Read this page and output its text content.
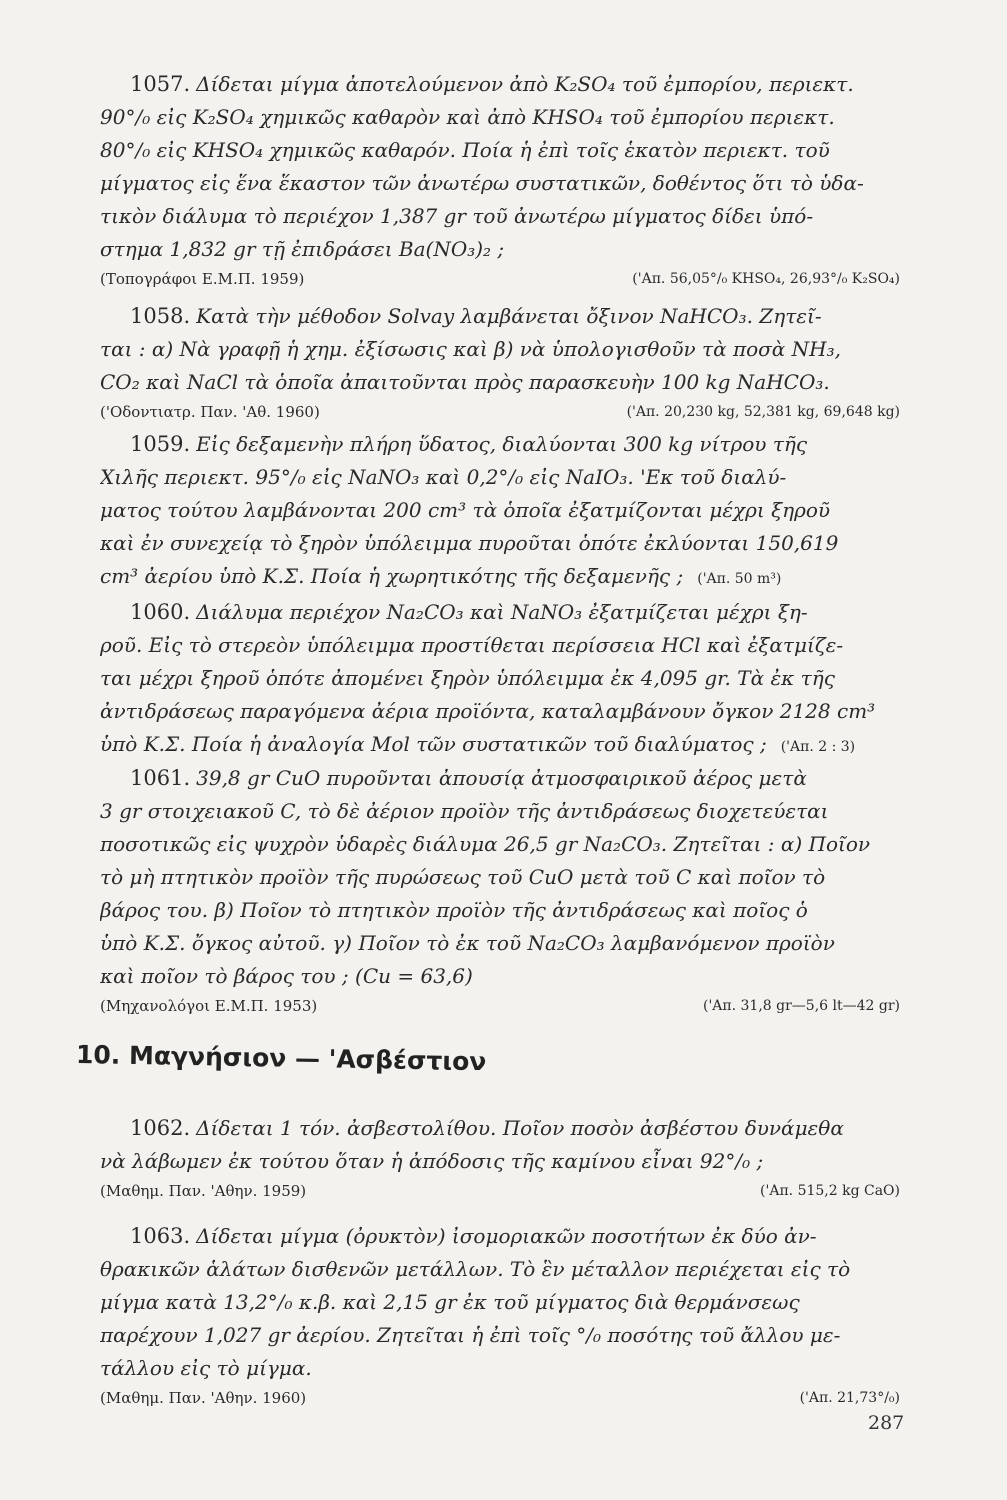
1057. Δίδεται μίγμα ἀποτελούμενον ἀπὸ K₂SO₄ τοῦ ἐμπορίου, περιεκτ.
90°/₀ εἰς K₂SO₄ χημικῶς καθαρὸν καὶ ἀπὸ KHSO₄ τοῦ ἐμπορίου περιεκτ.
80°/₀ εἰς KHSO₄ χημικῶς καθαρόν. Ποία ἡ ἐπὶ τοῖς ἑκατὸν περιεκτ. τοῦ
μίγματος εἰς ἕνα ἕκαστον τῶν ἀνωτέρω συστατικῶν, δοθέντος ὅτι τὸ ὑδα-
τικὸν διάλυμα τὸ περιέχον 1,387 gr τοῦ ἀνωτέρω μίγματος δίδει ὑπό-
στημα 1,832 gr τῇ ἐπιδράσει Ba(NO₃)₂ ;
(Τοπογράφοι Ε.Μ.Π. 1959)	('Απ. 56,05°/₀ KHSO₄, 26,93°/₀ K₂SO₄)
1058. Κατὰ τὴν μέθοδον Solvay λαμβάνεται ὄξινον NaHCO₃. Ζητεῖ-
ται : α) Νὰ γραφῇ ἡ χημ. ἐξίσωσις καὶ β) νὰ ὑπολογισθοῦν τὰ ποσὰ NH₃,
CO₂ καὶ NaCl τὰ ὁποῖα ἀπαιτοῦνται πρὸς παρασκευὴν 100 kg NaHCO₃.
('Οδοντιατρ. Παν. 'Αθ. 1960)	('Απ. 20,230 kg, 52,381 kg, 69,648 kg)
1059. Εἰς δεξαμενὴν πλήρη ὕδατος, διαλύονται 300 kg νίτρου τῆς
Χιλῆς περιεκτ. 95°/₀ εἰς NaNO₃ καὶ 0,2°/₀ εἰς NaIO₃. 'Εκ τοῦ διαλύ-
ματος τούτου λαμβάνονται 200 cm³ τὰ ὁποῖα ἐξατμίζονται μέχρι ξηροῦ
καὶ ἐν συνεχείᾳ τὸ ξηρὸν ὑπόλειμμα πυροῦται ὁπότε ἐκλύονται 150,619
cm³ ἀερίου ὑπὸ Κ.Σ. Ποία ἡ χωρητικότης τῆς δεξαμενῆς ; ('Απ. 50 m³)
1060. Διάλυμα περιέχον Na₂CO₃ καὶ NaNO₃ ἐξατμίζεται μέχρι ξη-
ροῦ. Εἰς τὸ στερεὸν ὑπόλειμμα προστίθεται περίσσεια HCl καὶ ἐξατμίζε-
ται μέχρι ξηροῦ ὁπότε ἀπομένει ξηρὸν ὑπόλειμμα ἐκ 4,095 gr. Τὰ ἐκ τῆς
ἀντιδράσεως παραγόμενα ἀέρια προϊόντα, καταλαμβάνουν ὄγκον 2128 cm³
ὑπὸ Κ.Σ. Ποία ἡ ἀναλογία Mol τῶν συστατικῶν τοῦ διαλύματος ; ('Απ. 2 : 3)
1061. 39,8 gr CuO πυροῦνται ἀπουσίᾳ ἀτμοσφαιρικοῦ ἀέρος μετὰ
3 gr στοιχειακοῦ C, τὸ δὲ ἀέριον προϊὸν τῆς ἀντιδράσεως διοχετεύεται
ποσοτικῶς εἰς ψυχρὸν ὑδαρὲς διάλυμα 26,5 gr Na₂CO₃. Ζητεῖται : α) Ποῖον
τὸ μὴ πτητικὸν προϊὸν τῆς πυρώσεως τοῦ CuO μετὰ τοῦ C καὶ ποῖον τὸ
βάρος του. β) Ποῖον τὸ πτητικὸν προϊὸν τῆς ἀντιδράσεως καὶ ποῖος ὁ
ὑπὸ Κ.Σ. ὄγκος αὐτοῦ. γ) Ποῖον τὸ ἐκ τοῦ Na₂CO₃ λαμβανόμενον προϊὸν
καὶ ποῖον τὸ βάρος του ; (Cu = 63,6)
(Μηχανολόγοι Ε.Μ.Π. 1953)	('Απ. 31,8 gr—5,6 lt—42 gr)
10. Μαγνήσιον — 'Ασβέστιον
1062. Δίδεται 1 τόν. ἀσβεστολίθου. Ποῖον ποσὸν ἀσβέστου δυνάμεθα
νὰ λάβωμεν ἐκ τούτου ὅταν ἡ ἀπόδοσις τῆς καμίνου εἶναι 92°/₀ ;
(Μαθημ. Παν. 'Αθην. 1959)	('Απ. 515,2 kg CaO)
1063. Δίδεται μίγμα (ὀρυκτὸν) ἰσομοριακῶν ποσοτήτων ἐκ δύο ἀν-
θρακικῶν ἁλάτων δισθενῶν μετάλλων. Τὸ ἓν μέταλλον περιέχεται εἰς τὸ
μίγμα κατὰ 13,2°/₀ κ.β. καὶ 2,15 gr ἐκ τοῦ μίγματος διὰ θερμάνσεως
παρέχουν 1,027 gr ἀερίου. Ζητεῖται ἡ ἐπὶ τοῖς °/₀ ποσότης τοῦ ἄλλου με-
τάλλου εἰς τὸ μίγμα.
(Μαθημ. Παν. 'Αθην. 1960)	('Απ. 21,73°/₀)
287
